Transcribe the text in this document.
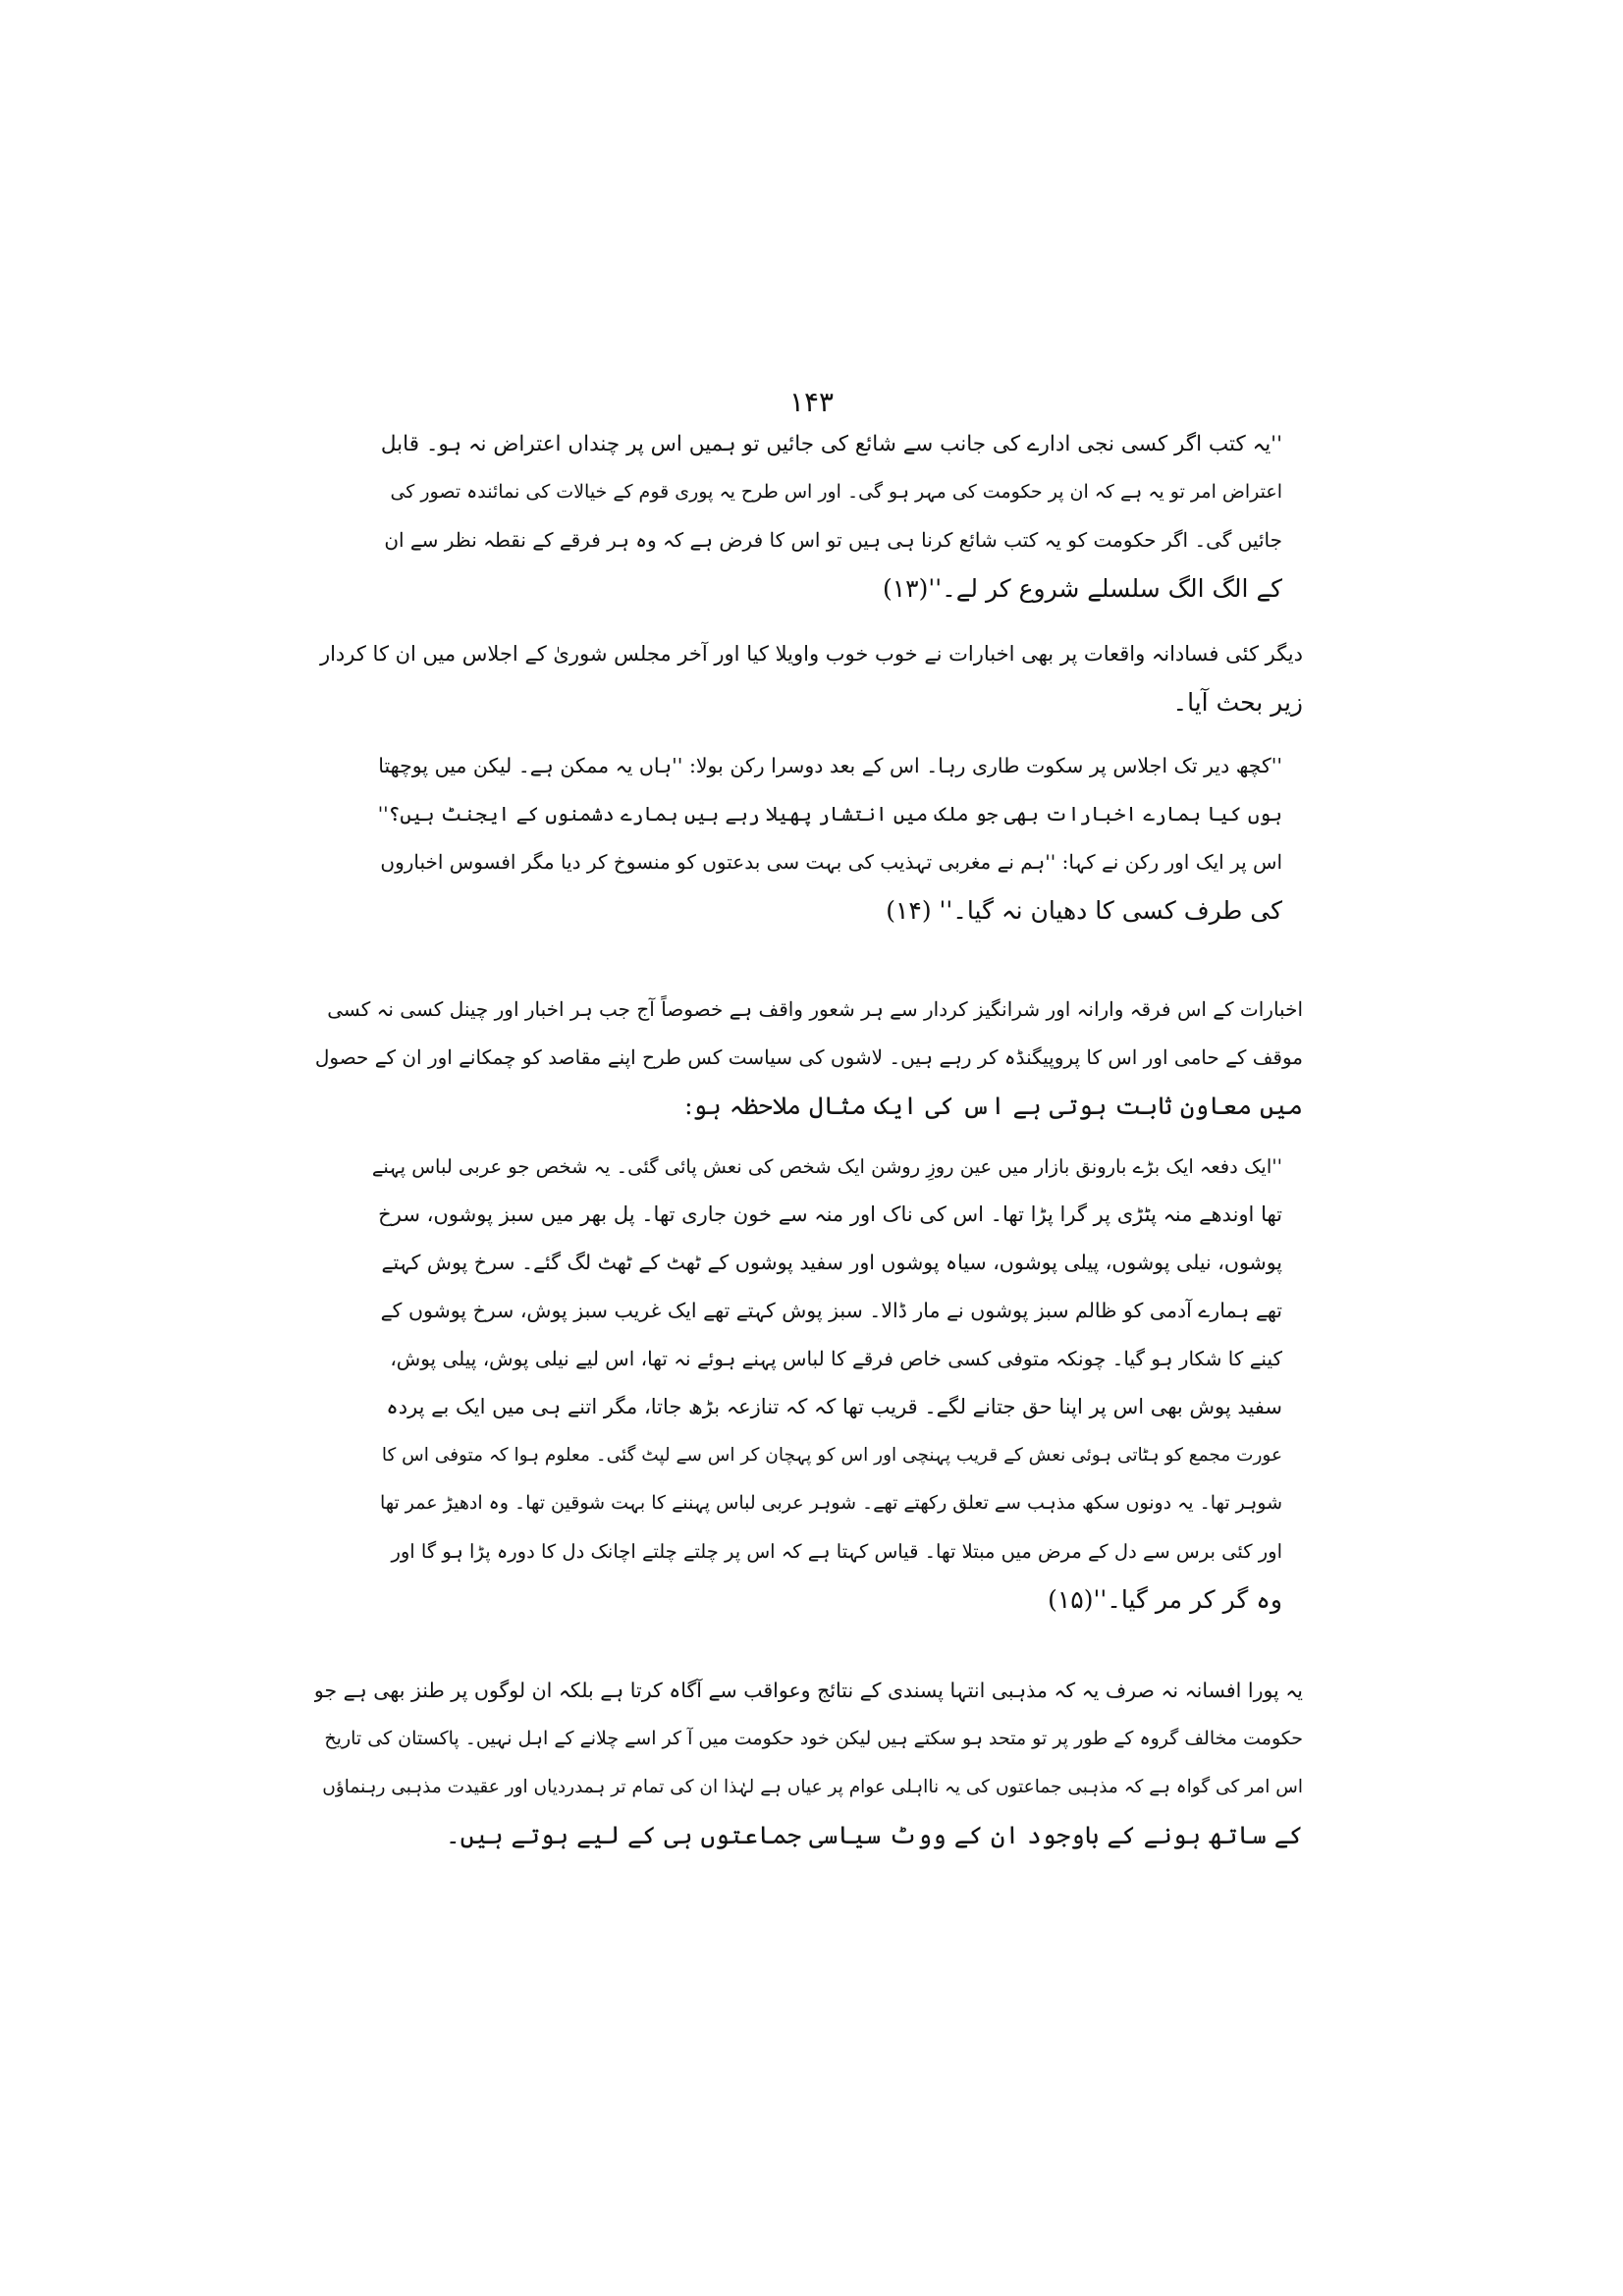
۱۴۳
''یہ کتب اگر کسی نجی ادارے کی جانب سے شائع کی جائیں تو ہمیں اس پر چنداں اعتراض نہ ہو۔ قابل
اعتراض امر تو یہ ہے کہ ان پر حکومت کی مہر ہو گی۔ اور اس طرح یہ پوری قوم کے خیالات کی نمائندہ تصور کی
جائیں گی۔ اگر حکومت کو یہ کتب شائع کرنا ہی ہیں تو اس کا فرض ہے کہ وہ ہر فرقے کے نقطہ نظر سے ان
کے الگ الگ سلسلے شروع کر لے۔''(۱۳)
دیگر کئی فسادانہ واقعات پر بھی اخبارات نے خوب خوب واویلا کیا اور آخر مجلس شوریٰ کے اجلاس میں ان کا کردار
زیر بحث آیا۔
''کچھ دیر تک اجلاس پر سکوت طاری رہا۔ اس کے بعد دوسرا رکن بولا: ''ہاں یہ ممکن ہے۔ لیکن میں پوچھتا
ہوں کیا ہمارے اخبارات بھی جو ملک میں انتشار پھیلا رہے ہیں ہمارے دشمنوں کے ایجنٹ ہیں؟''
اس پر ایک اور رکن نے کہا: ''ہم نے مغربی تہذیب کی بہت سی بدعتوں کو منسوخ کر دیا مگر افسوس اخباروں
کی طرف کسی کا دھیان نہ گیا۔'' (۱۴)
اخبارات کے اس فرقہ وارانہ اور شرانگیز کردار سے ہر شعور واقف ہے خصوصاً آج جب ہر اخبار اور چینل کسی نہ کسی
موقف کے حامی اور اس کا پروپیگنڈہ کر رہے ہیں۔ لاشوں کی سیاست کس طرح اپنے مقاصد کو چمکانے اور ان کے حصول
میں معاون ثابت ہوتی ہے اس کی ایک مثال ملاحظہ ہو:
''ایک دفعہ ایک بڑے بارونق بازار میں عین روزِ روشن ایک شخص کی نعش پائی گئی۔ یہ شخص جو عربی لباس پہنے
تھا اوندھے منہ پٹڑی پر گرا پڑا تھا۔ اس کی ناک اور منہ سے خون جاری تھا۔ پل بھر میں سبز پوشوں، سرخ
پوشوں، نیلی پوشوں، پیلی پوشوں، سیاہ پوشوں اور سفید پوشوں کے ٹھٹ کے ٹھٹ لگ گئے۔ سرخ پوش کہتے
تھے ہمارے آدمی کو ظالم سبز پوشوں نے مار ڈالا۔ سبز پوش کہتے تھے ایک غریب سبز پوش، سرخ پوشوں کے
کینے کا شکار ہو گیا۔ چونکہ متوفی کسی خاص فرقے کا لباس پہنے ہوئے نہ تھا، اس لیے نیلی پوش، پیلی پوش،
سفید پوش بھی اس پر اپنا حق جتانے لگے۔ قریب تھا کہ کہ تنازعہ بڑھ جاتا، مگر اتنے ہی میں ایک بے پردہ
عورت مجمع کو ہٹاتی ہوئی نعش کے قریب پہنچی اور اس کو پہچان کر اس سے لپٹ گئی۔ معلوم ہوا کہ متوفی اس کا
شوہر تھا۔ یہ دونوں سکھ مذہب سے تعلق رکھتے تھے۔ شوہر عربی لباس پہننے کا بہت شوقین تھا۔ وہ ادھیڑ عمر تھا
اور کئی برس سے دل کے مرض میں مبتلا تھا۔ قیاس کہتا ہے کہ اس پر چلتے چلتے اچانک دل کا دورہ پڑا ہو گا اور
وہ گر کر مر گیا۔''(۱۵)
یہ پورا افسانہ نہ صرف یہ کہ مذہبی انتہا پسندی کے نتائج وعواقب سے آگاہ کرتا ہے بلکہ ان لوگوں پر طنز بھی ہے جو
حکومت مخالف گروہ کے طور پر تو متحد ہو سکتے ہیں لیکن خود حکومت میں آ کر اسے چلانے کے اہل نہیں۔ پاکستان کی تاریخ
اس امر کی گواہ ہے کہ مذہبی جماعتوں کی یہ نااہلی عوام پر عیاں ہے لہٰذا ان کی تمام تر ہمدردیاں اور عقیدت مذہبی رہنماؤں
کے ساتھ ہونے کے باوجود ان کے ووٹ سیاسی جماعتوں ہی کے لیے ہوتے ہیں۔
